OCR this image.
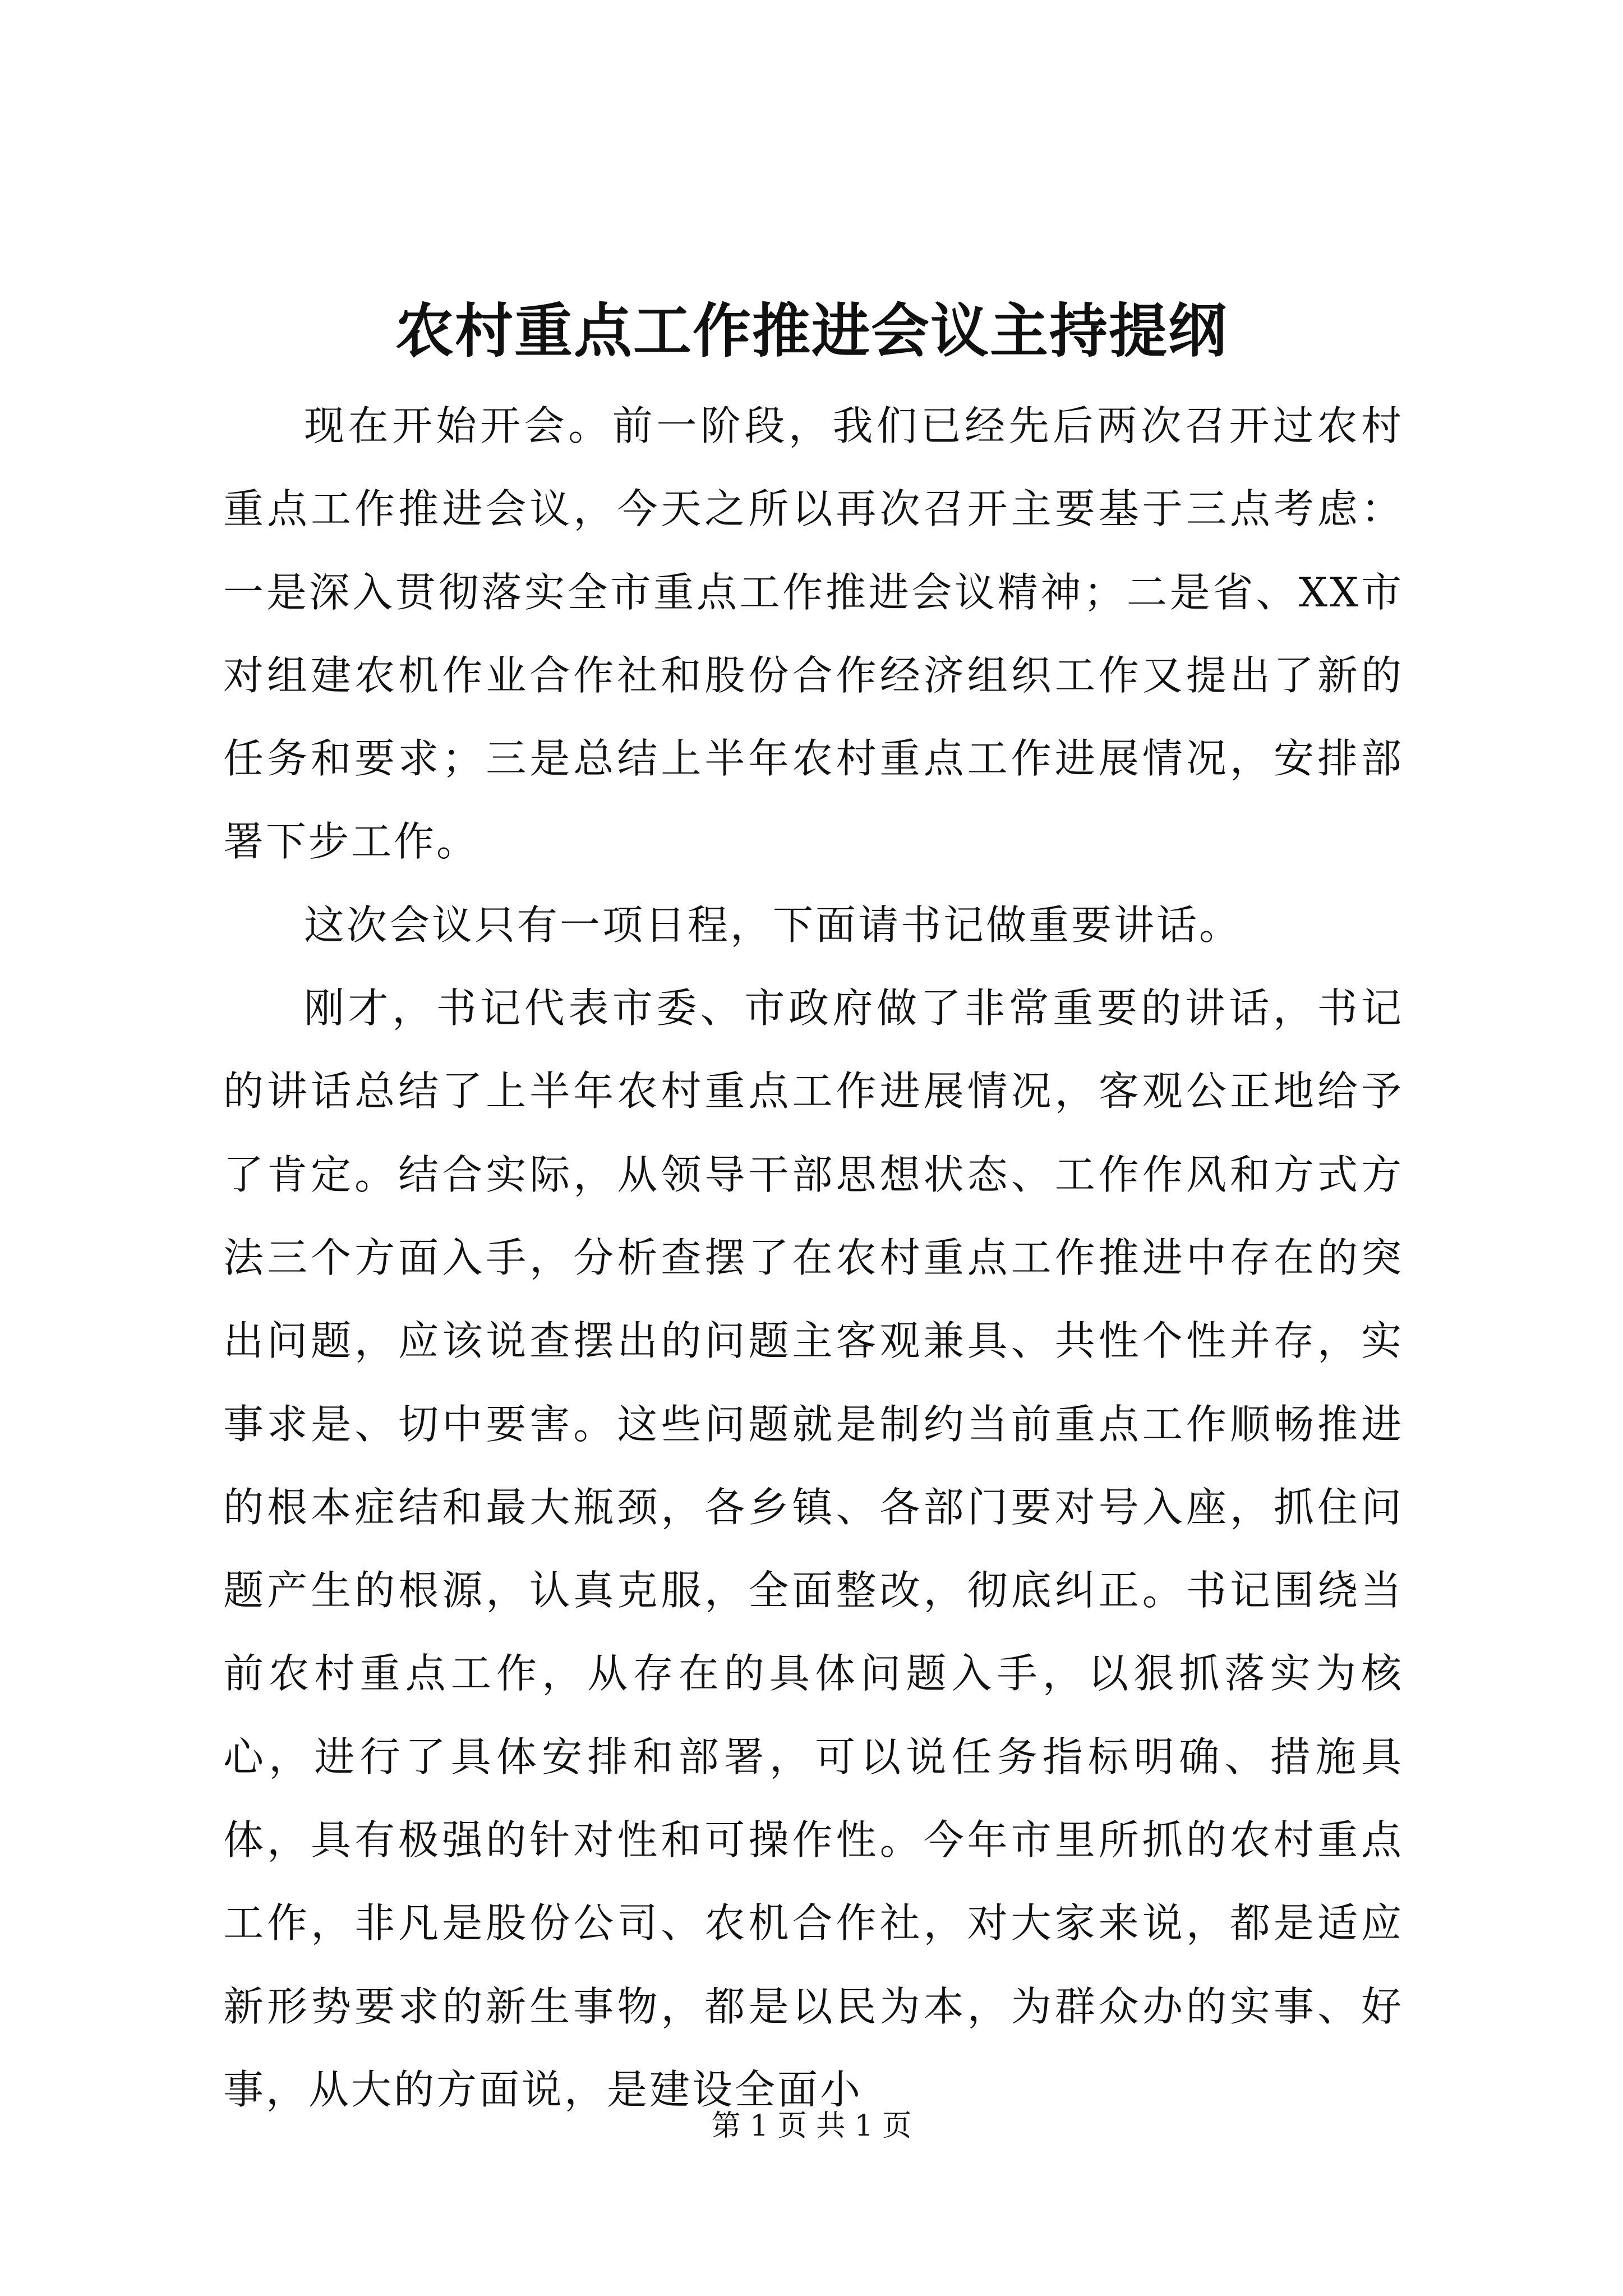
农村重点工作推进会议主持提纲

现在开始开会。前一阶段，我们已经先后两次召开过农村重点工作推进会议，今天之所以再次召开主要基于三点考虑：一是深入贯彻落实全市重点工作推进会议精神；二是省、XX市对组建农机作业合作社和股份合作经济组织工作又提出了新的任务和要求；三是总结上半年农村重点工作进展情况，安排部署下步工作。

这次会议只有一项日程，下面请书记做重要讲话。

刚才，书记代表市委、市政府做了非常重要的讲话，书记的讲话总结了上半年农村重点工作进展情况，客观公正地给予了肯定。结合实际，从领导干部思想状态、工作作风和方式方法三个方面入手，分析查摆了在农村重点工作推进中存在的突出问题，应该说查摆出的问题主客观兼具、共性个性并存，实事求是、切中要害。这些问题就是制约当前重点工作顺畅推进的根本症结和最大瓶颈，各乡镇、各部门要对号入座，抓住问题产生的根源，认真克服，全面整改，彻底纠正。书记围绕当前农村重点工作，从存在的具体问题入手，以狠抓落实为核心，进行了具体安排和部署，可以说任务指标明确、措施具体，具有极强的针对性和可操作性。今年市里所抓的农村重点工作，非凡是股份公司、农机合作社，对大家来说，都是适应新形势要求的新生事物，都是以民为本，为群众办的实事、好事，从大的方面说，是建设全面小

第 1 页 共 1 页
